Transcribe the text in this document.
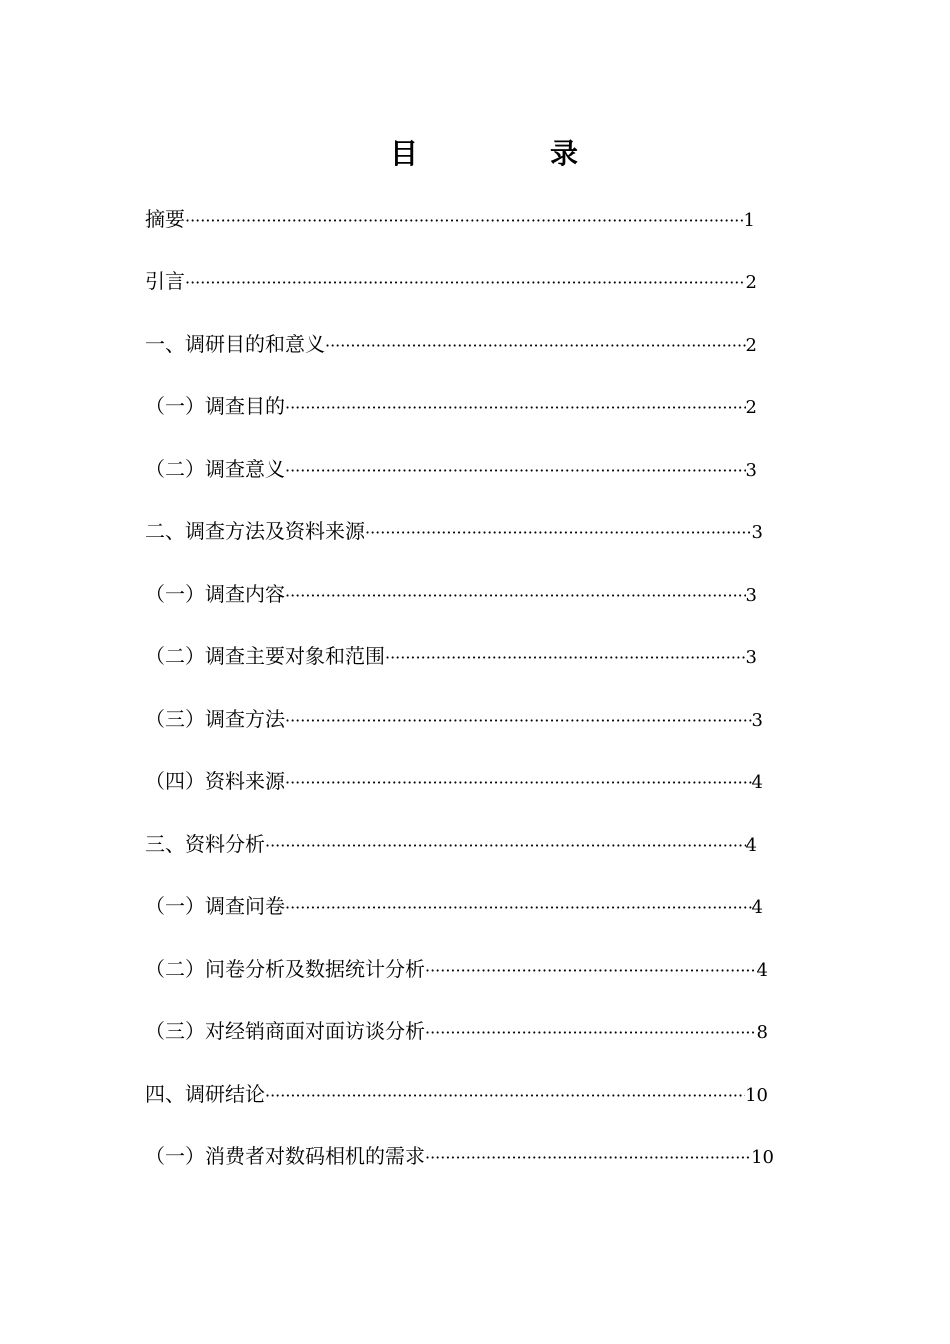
目　录
摘要 ·····	1
引言 ·····	2
一、调研目的和意义 ·····	2
（一）调查目的 ·····	2
（二）调查意义 ·····	3
二、调查方法及资料来源 ·····	3
（一）调查内容 ·····	3
（二）调查主要对象和范围 ·····	3
（三）调查方法 ·····	3
（四）资料来源 ·····	4
三、资料分析 ·····	4
（一）调查问卷 ·····	4
（二）问卷分析及数据统计分析 ·····	4
（三）对经销商面对面访谈分析 ·····	8
四、调研结论 ·····	10
（一）消费者对数码相机的需求 ·····	10
